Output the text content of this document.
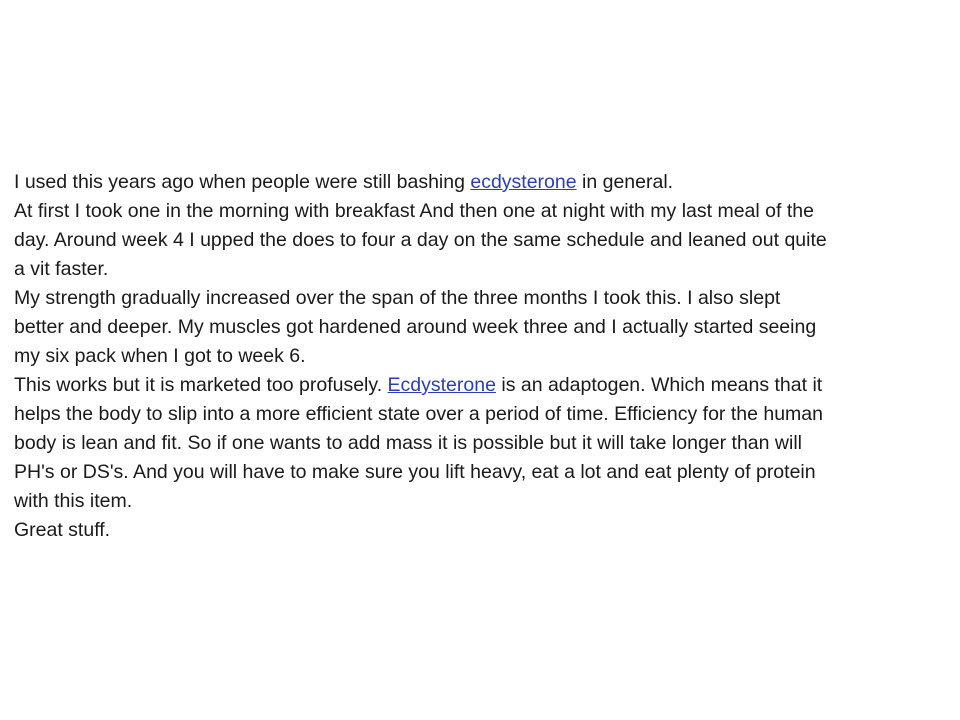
I used this years ago when people were still bashing ecdysterone in general.
At first I took one in the morning with breakfast And then one at night with my last meal of the
day. Around week 4 I upped the does to four a day on the same schedule and leaned out quite
a vit faster.
My strength gradually increased over the span of the three months I took this. I also slept
better and deeper. My muscles got hardened around week three and I actually started seeing
my six pack when I got to week 6.
This works but it is marketed too profusely. Ecdysterone is an adaptogen. Which means that it
helps the body to slip into a more efficient state over a period of time. Efficiency for the human
body is lean and fit. So if one wants to add mass it is possible but it will take longer than will
PH's or DS's. And you will have to make sure you lift heavy, eat a lot and eat plenty of protein
with this item.
Great stuff.
